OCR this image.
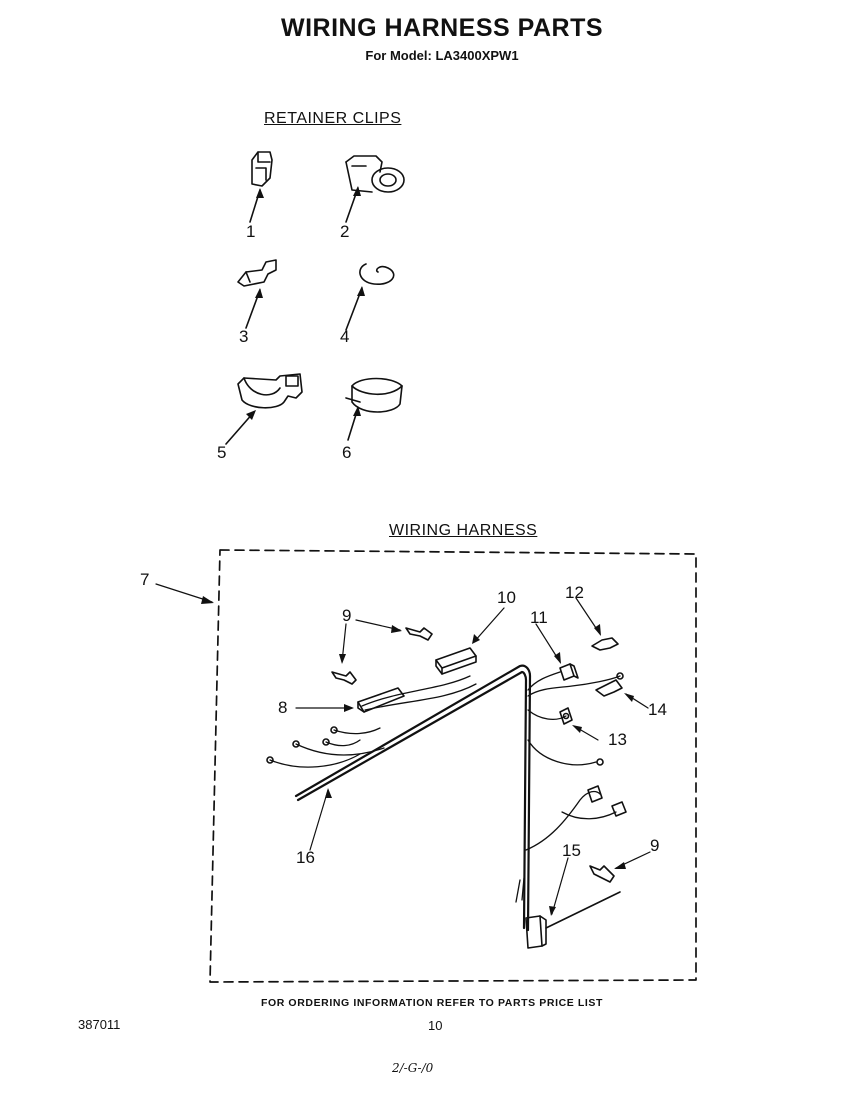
WIRING HARNESS PARTS
For Model: LA3400XPW1
RETAINER CLIPS
WIRING HARNESS
1	2
3	4
5	6
7
8
9
10
11
12
13
14
15
16
9
FOR ORDERING INFORMATION REFER TO PARTS PRICE LIST
387011	10
2/-G-/0
